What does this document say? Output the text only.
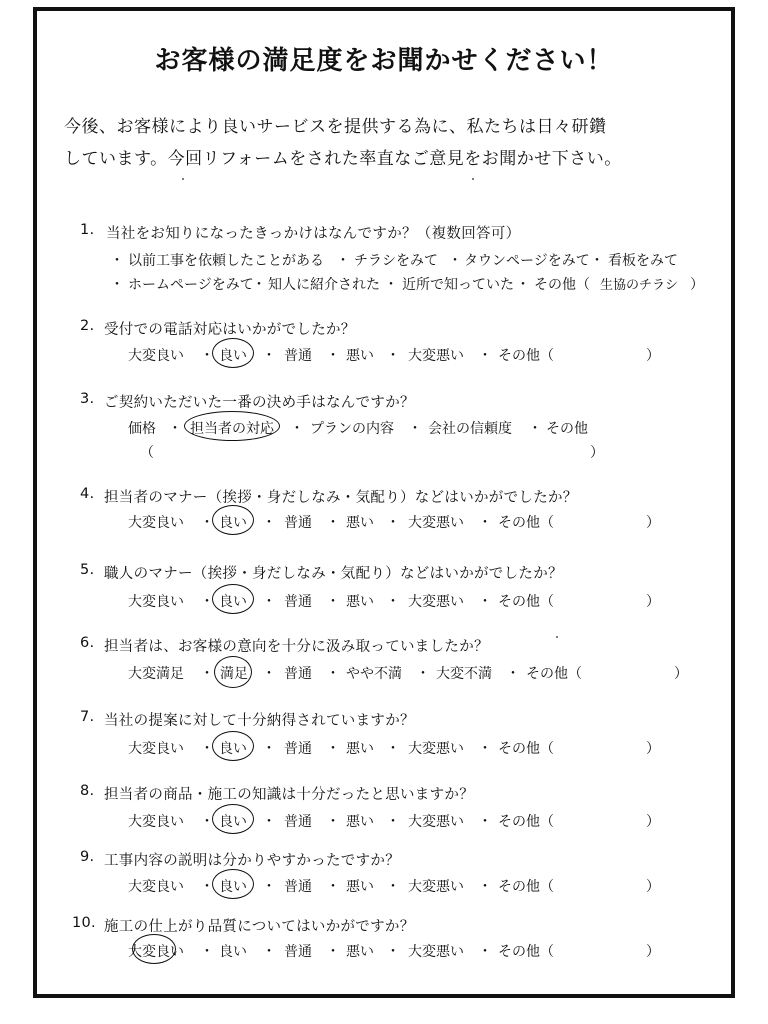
お客様の満足度をお聞かせください！
今後、お客様により良いサービスを提供する為に、私たちは日々研鑽
しています。今回リフォームをされた率直なご意見をお聞かせ下さい。
1. 当社をお知りになったきっかけはなんですか？（複数回答可）
・ 以前工事を依頼したことがある ・ チラシをみて ・ タウンページをみて ・ 看板をみて
・ ホームページをみて
・ 知人に紹介された ・ 近所で知っていた ・ その他（ 生協のチラシ ）
2. 受付での電話対応はいかがでしたか？
大変良い ・ 良い ・ 普通 ・ 悪い ・ 大変悪い ・ その他（	）
3. ご契約いただいた一番の決め手はなんですか？
価格 ・ 担当者の対応 ・ プランの内容 ・ 会社の信頼度 ・ その他
（	）
4. 担当者のマナー（挨拶・身だしなみ・気配り）などはいかがでしたか？
大変良い ・ 良い ・ 普通 ・ 悪い ・ 大変悪い ・ その他（	）
5. 職人のマナー（挨拶・身だしなみ・気配り）などはいかがでしたか？
大変良い ・ 良い ・ 普通 ・ 悪い ・ 大変悪い ・ その他（	）
6. 担当者は、お客様の意向を十分に汲み取っていましたか？
大変満足 ・ 満足 ・ 普通 ・ やや不満 ・ 大変不満 ・ その他（	）
7. 当社の提案に対して十分納得されていますか？
大変良い ・ 良い ・ 普通 ・ 悪い ・ 大変悪い ・ その他（	）
8. 担当者の商品・施工の知識は十分だったと思いますか？
大変良い ・ 良い ・ 普通 ・ 悪い ・ 大変悪い ・ その他（	）
9. 工事内容の説明は分かりやすかったですか？
大変良い ・ 良い ・ 普通 ・ 悪い ・ 大変悪い ・ その他（	）
10. 施工の仕上がり品質についてはいかがですか？
大変良い ・ 良い ・ 普通 ・ 悪い ・ 大変悪い ・ その他（	）
